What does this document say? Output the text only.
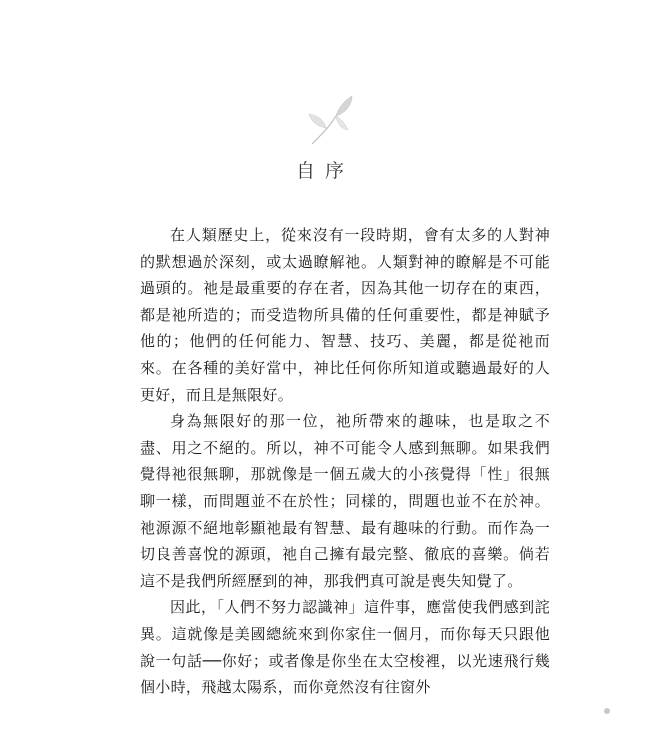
自序

在人類歷史上，從來沒有一段時期，會有太多的人對神的默想過於深刻，或太過瞭解祂。人類對神的瞭解是不可能過頭的。祂是最重要的存在者，因為其他一切存在的東西，都是祂所造的；而受造物所具備的任何重要性，都是神賦予他的；他們的任何能力、智慧、技巧、美麗，都是從祂而來。在各種的美好當中，神比任何你所知道或聽過最好的人更好，而且是無限好。

身為無限好的那一位，祂所帶來的趣味，也是取之不盡、用之不絕的。所以，神不可能令人感到無聊。如果我們覺得祂很無聊，那就像是一個五歲大的小孩覺得「性」很無聊一樣，而問題並不在於性；同樣的，問題也並不在於神。祂源源不絕地彰顯祂最有智慧、最有趣味的行動。而作為一切良善喜悅的源頭，祂自己擁有最完整、徹底的喜樂。倘若這不是我們所經歷到的神，那我們真可說是喪失知覺了。

因此，「人們不努力認識神」這件事，應當使我們感到詫異。這就像是美國總統來到你家住一個月，而你每天只跟他說一句話──你好；或者像是你坐在太空梭裡，以光速飛行幾個小時，飛越太陽系，而你竟然沒有往窗外
